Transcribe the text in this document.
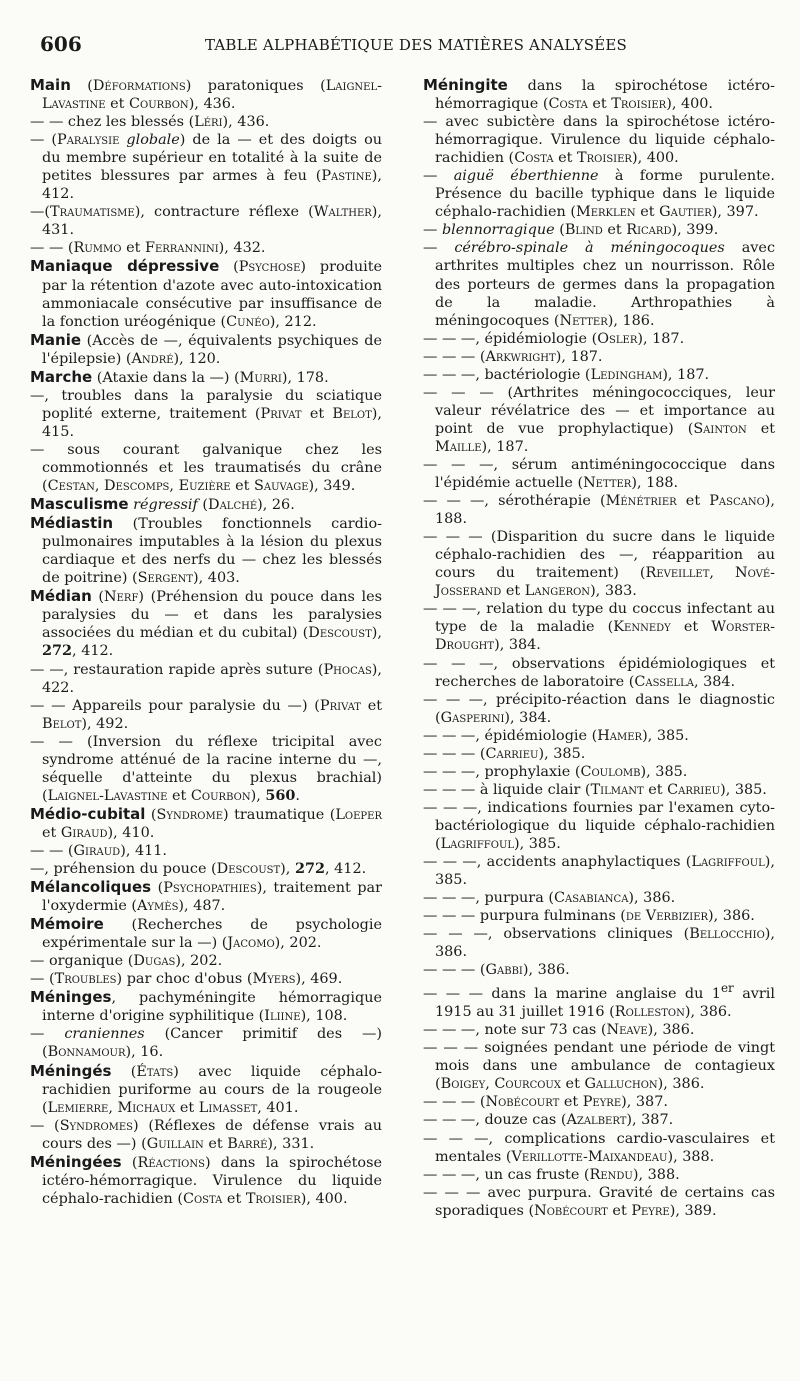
606	TABLE ALPHABÉTIQUE DES MATIÈRES ANALYSÉES

Main (Déformations) paratoniques (Laignel-Lavastine et Courbon), 436.

— — chez les blessés (Léri), 436.

— (Paralysie globale) de la — et des doigts ou du membre supérieur en totalité à la suite de petites blessures par armes à feu (Pastine), 412.

—(Traumatisme), contracture réflexe (Walther), 431.

— — (Rummo et Ferrannini), 432.

Maniaque dépressive (Psychose) produite par la rétention d'azote avec auto-intoxication ammoniacale consécutive par insuffisance de la fonction uréogénique (Cunéo), 212.

Manie (Accès de —, équivalents psychiques de l'épilepsie) (André), 120.

Marche (Ataxie dans la —) (Murri), 178.

—, troubles dans la paralysie du sciatique poplité externe, traitement (Privat et Belot), 415.

— sous courant galvanique chez les commotionnés et les traumatisés du crâne (Cestan, Descomps, Euzière et Sauvage), 349.

Masculisme régressif (Dalché), 26.

Médiastin (Troubles fonctionnels cardio-pulmonaires imputables à la lésion du plexus cardiaque et des nerfs du — chez les blessés de poitrine) (Sergent), 403.

Médian (Nerf) (Préhension du pouce dans les paralysies du — et dans les paralysies associées du médian et du cubital) (Descoust), 272, 412.

— —, restauration rapide après suture (Phocas), 422.

— — Appareils pour paralysie du —) (Privat et Belot), 492.

— — (Inversion du réflexe tricipital avec syndrome atténué de la racine interne du —, séquelle d'atteinte du plexus brachial) (Laignel-Lavastine et Courbon), 560.

Médio-cubital (Syndrome) traumatique (Loeper et Giraud), 410.

— — (Giraud), 411.

—, préhension du pouce (Descoust), 272, 412.

Mélancoliques (Psychopathies), traitement par l'oxydermie (Aymès), 487.

Mémoire (Recherches de psychologie expérimentale sur la —) (Jacomo), 202.

— organique (Dugas), 202.

— (Troubles) par choc d'obus (Myers), 469.

Méninges, pachyméningite hémorragique interne d'origine syphilitique (Iliine), 108.

— craniennes (Cancer primitif des —) (Bonnamour), 16.

Méningés (États) avec liquide céphalo-rachidien puriforme au cours de la rougeole (Lemierre, Michaux et Limasset, 401.

— (Syndromes) (Réflexes de défense vrais au cours des —) (Guillain et Barré), 331.

Méningées (Réactions) dans la spirochétose ictéro-hémorragique. Virulence du liquide céphalo-rachidien (Costa et Troisier), 400.

Méningite dans la spirochétose ictéro-hémorragique (Costa et Troisier), 400.

— avec subictère dans la spirochétose ictéro-hémorragique. Virulence du liquide céphalo-rachidien (Costa et Troisier), 400.

— aiguë éberthienne à forme purulente. Présence du bacille typhique dans le liquide céphalo-rachidien (Merklen et Gautier), 397.

— blennorragique (Blind et Ricard), 399.

— cérébro-spinale à méningocoques avec arthrites multiples chez un nourrisson. Rôle des porteurs de germes dans la propagation de la maladie. Arthropathies à méningocoques (Netter), 186.

— — —, épidémiologie (Osler), 187.

— — — (Arkwright), 187.

— — —, bactériologie (Ledingham), 187.

— — — (Arthrites méningococciques, leur valeur révélatrice des — et importance au point de vue prophylactique) (Sainton et Maille), 187.

— — —, sérum antiméningococcique dans l'épidémie actuelle (Netter), 188.

— — —, sérothérapie (Ménétrier et Pascano), 188.

— — — (Disparition du sucre dans le liquide céphalo-rachidien des —, réapparition au cours du traitement) (Reveillet, Nové-Josserand et Langeron), 383.

— — —, relation du type du coccus infectant au type de la maladie (Kennedy et Worster-Drought), 384.

— — —, observations épidémiologiques et recherches de laboratoire (Cassella, 384.

— — —, précipito-réaction dans le diagnostic (Gasperini), 384.

— — —, épidémiologie (Hamer), 385.

— — — (Carrieu), 385.

— — —, prophylaxie (Coulomb), 385.

— — — à liquide clair (Tilmant et Carrieu), 385.

— — —, indications fournies par l'examen cyto-bactériologique du liquide céphalo-rachidien (Lagriffoul), 385.

— — —, accidents anaphylactiques (Lagriffoul), 385.

— — —, purpura (Casabianca), 386.

— — — purpura fulminans (de Verbizier), 386.

— — —, observations cliniques (Bellocchio), 386.

— — — (Gabbi), 386.

— — — dans la marine anglaise du 1er avril 1915 au 31 juillet 1916 (Rolleston), 386.

— — —, note sur 73 cas (Neave), 386.

— — — soignées pendant une période de vingt mois dans une ambulance de contagieux (Boigey, Courcoux et Galluchon), 386.

— — — (Nobécourt et Peyre), 387.

— — —, douze cas (Azalbert), 387.

— — —, complications cardio-vasculaires et mentales (Verillotte-Maixandeau), 388.

— — —, un cas fruste (Rendu), 388.

— — — avec purpura. Gravité de certains cas sporadiques (Nobécourt et Peyre), 389.
